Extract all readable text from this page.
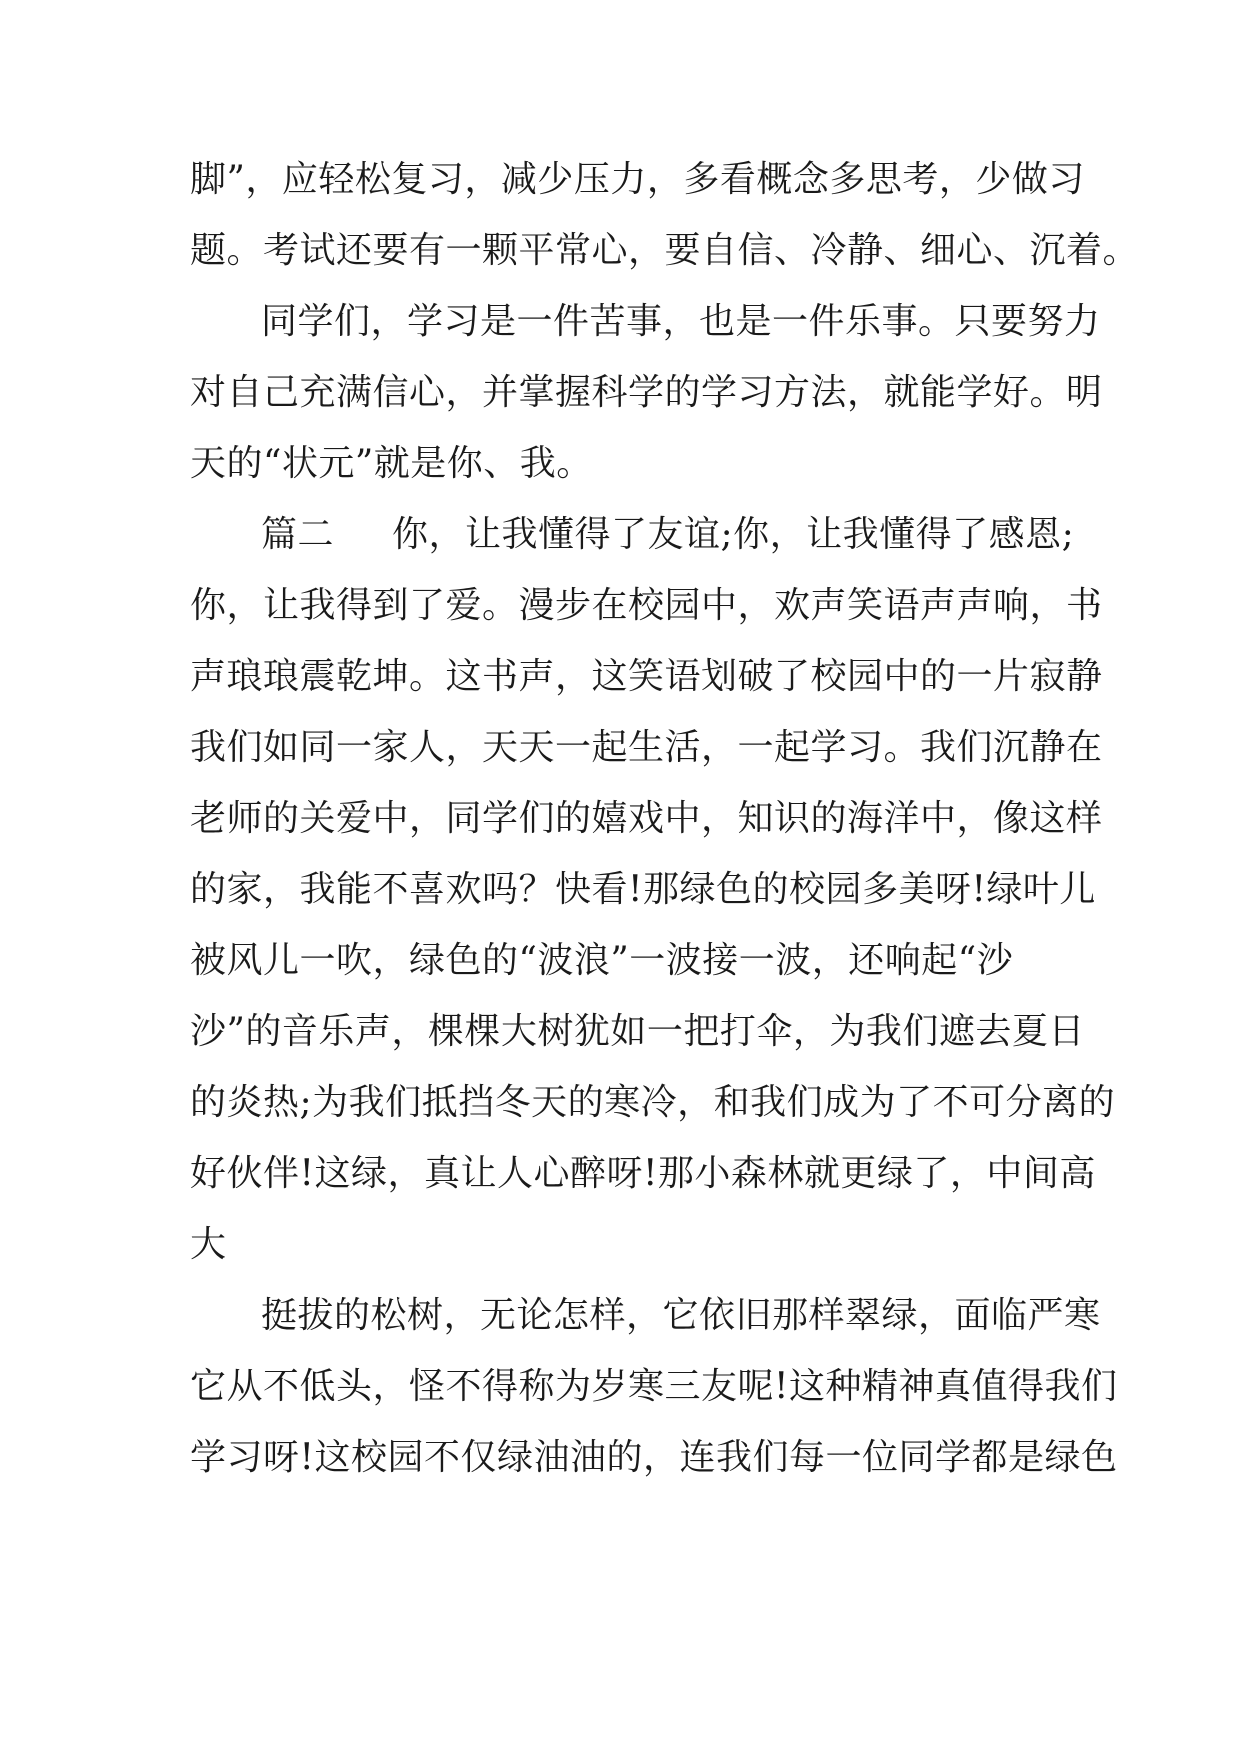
脚”，应轻松复习，减少压力，多看概念多思考，少做习
题。考试还要有一颗平常心，要自信、冷静、细心、沉着。
同学们，学习是一件苦事，也是一件乐事。只要努力
对自己充满信心，并掌握科学的学习方法，就能学好。明
天的“状元”就是你、我。
篇二 你，让我懂得了友谊;你，让我懂得了感恩;
你，让我得到了爱。漫步在校园中，欢声笑语声声响，书
声琅琅震乾坤。这书声，这笑语划破了校园中的一片寂静
我们如同一家人，天天一起生活，一起学习。我们沉静在
老师的关爱中，同学们的嬉戏中，知识的海洋中，像这样
的家，我能不喜欢吗？快看!那绿色的校园多美呀!绿叶儿
被风儿一吹，绿色的“波浪”一波接一波，还响起“沙
沙”的音乐声，棵棵大树犹如一把打伞，为我们遮去夏日
的炎热;为我们抵挡冬天的寒冷，和我们成为了不可分离的
好伙伴!这绿，真让人心醉呀!那小森林就更绿了，中间高
大
挺拔的松树，无论怎样，它依旧那样翠绿，面临严寒
它从不低头，怪不得称为岁寒三友呢!这种精神真值得我们
学习呀!这校园不仅绿油油的，连我们每一位同学都是绿色
